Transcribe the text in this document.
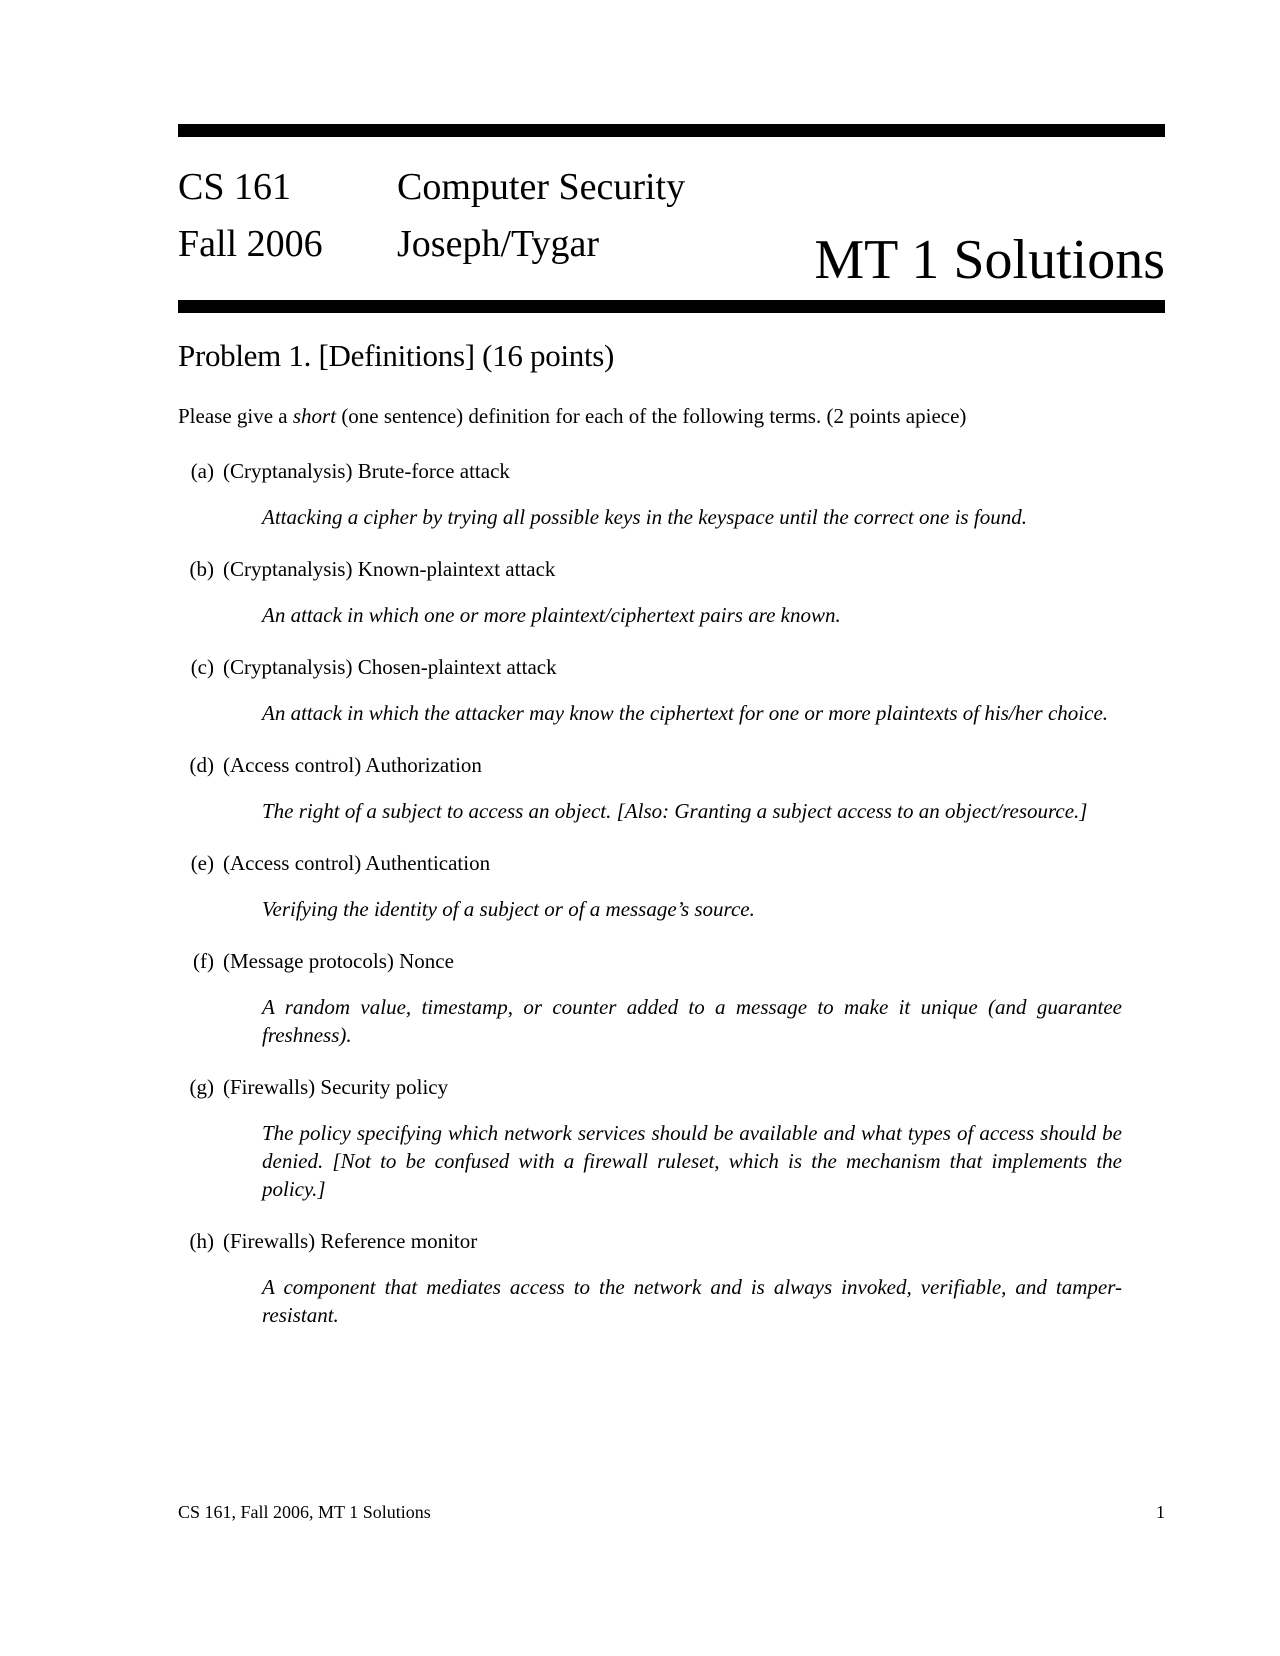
CS 161
Fall 2006
Computer Security
Joseph/Tygar	MT 1 Solutions
Problem 1. [Definitions] (16 points)
Please give a short (one sentence) definition for each of the following terms. (2 points apiece)
(a) (Cryptanalysis) Brute-force attack
Attacking a cipher by trying all possible keys in the keyspace until the correct one is found.
(b) (Cryptanalysis) Known-plaintext attack
An attack in which one or more plaintext/ciphertext pairs are known.
(c) (Cryptanalysis) Chosen-plaintext attack
An attack in which the attacker may know the ciphertext for one or more plaintexts of his/her choice.
(d) (Access control) Authorization
The right of a subject to access an object. [Also: Granting a subject access to an object/resource.]
(e) (Access control) Authentication
Verifying the identity of a subject or of a message’s source.
(f) (Message protocols) Nonce
A random value, timestamp, or counter added to a message to make it unique (and guarantee freshness).
(g) (Firewalls) Security policy
The policy specifying which network services should be available and what types of access should be denied. [Not to be confused with a firewall ruleset, which is the mechanism that implements the policy.]
(h) (Firewalls) Reference monitor
A component that mediates access to the network and is always invoked, verifiable, and tamper-resistant.
CS 161, Fall 2006, MT 1 Solutions	1
